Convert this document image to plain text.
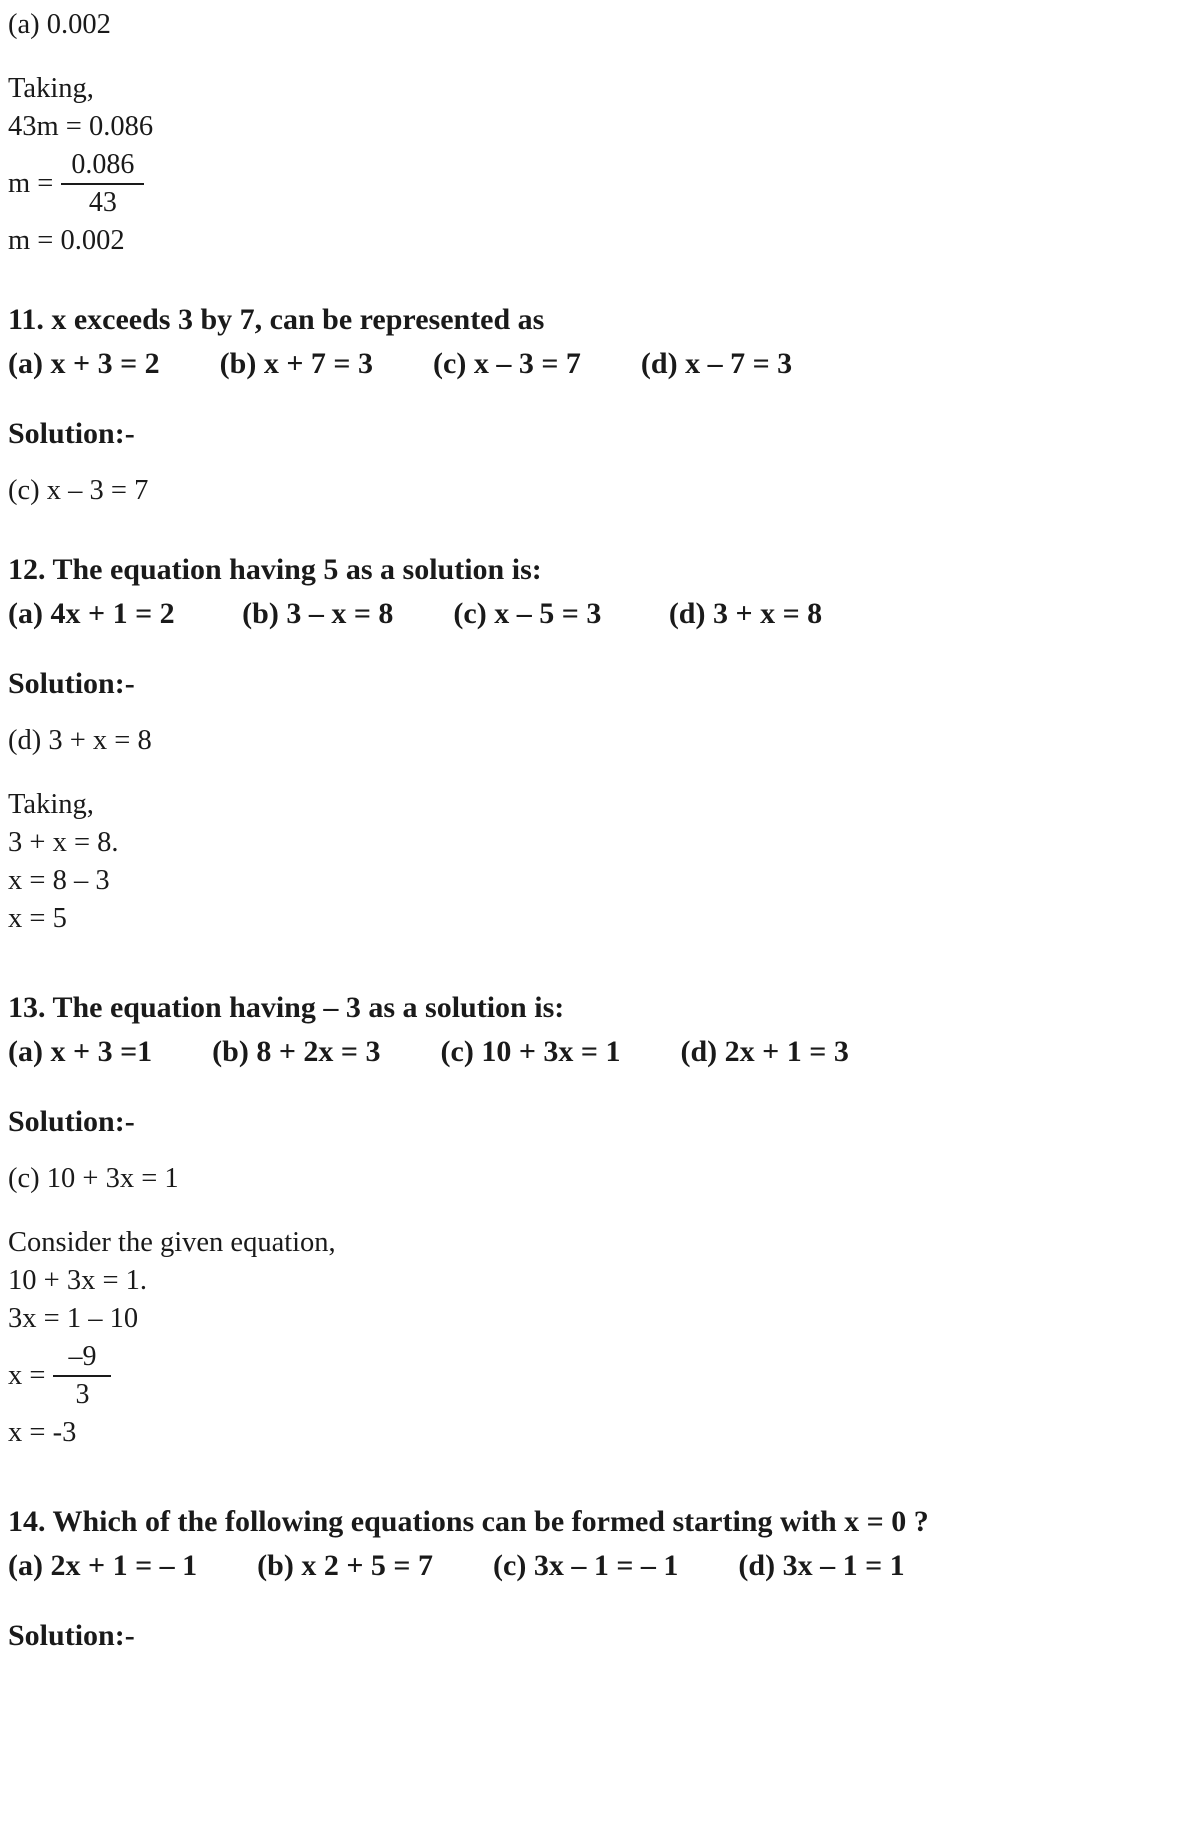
(a) 0.002
Taking,
43m = 0.086
$m = \frac{0.086}{43}$
m = 0.002
11. x exceeds 3 by 7, can be represented as
(a) x + 3 = 2        (b) x + 7 = 3        (c) x – 3 = 7        (d) x – 7 = 3
Solution:-
(c) x – 3 = 7
12. The equation having 5 as a solution is:
(a) 4x + 1 = 2         (b) 3 – x = 8        (c) x – 5 = 3         (d) 3 + x = 8
Solution:-
(d) 3 + x = 8
Taking,
3 + x = 8.
x = 8 – 3
x = 5
13. The equation having – 3 as a solution is:
(a) x + 3 =1        (b) 8 + 2x = 3        (c) 10 + 3x = 1        (d) 2x + 1 = 3
Solution:-
(c) 10 + 3x = 1
Consider the given equation,
10 + 3x = 1.
3x = 1 – 10
$x = \frac{-9}{3}$
x = -3
14. Which of the following equations can be formed starting with x = 0 ?
(a) 2x + 1 = – 1        (b) x 2 + 5 = 7        (c) 3x – 1 = – 1        (d) 3x – 1 = 1
Solution:-
